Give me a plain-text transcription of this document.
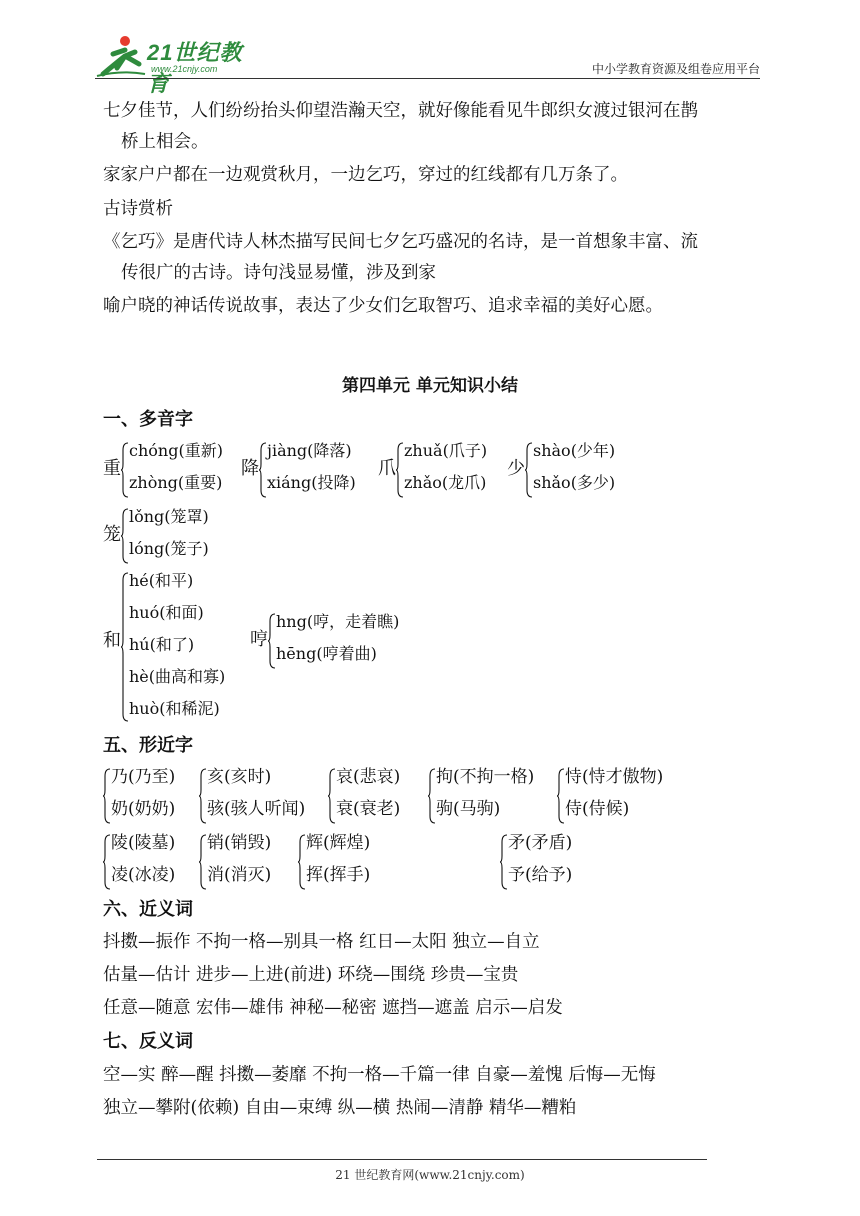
21世纪教育
www.21cnjy.com	中小学教育资源及组卷应用平台
七夕佳节，人们纷纷抬头仰望浩瀚天空，就好像能看见牛郎织女渡过银河在鹊
桥上相会。
家家户户都在一边观赏秋月，一边乞巧，穿过的红线都有几万条了。
古诗赏析
《乞巧》是唐代诗人林杰描写民间七夕乞巧盛况的名诗，是一首想象丰富、流
传很广的古诗。诗句浅显易懂，涉及到家
喻户晓的神话传说故事，表达了少女们乞取智巧、追求幸福的美好心愿。
第四单元 单元知识小结
一、多音字
重
chóng(重新)
zhòng(重要)
降
jiàng(降落)
xiáng(投降)
爪
zhuǎ(爪子)
zhǎo(龙爪)
少
shào(少年)
shǎo(多少)
笼
lǒng(笼罩)
lóng(笼子)
和
hé(和平)
huó(和面)
hú(和了)
hè(曲高和寡)
huò(和稀泥)
哼
hng(哼，走着瞧)
hēng(哼着曲)
五、形近字
乃(乃至)
奶(奶奶)
亥(亥时)
骇(骇人听闻)
哀(悲哀)
衰(衰老)
拘(不拘一格)
驹(马驹)
恃(恃才傲物)
侍(侍候)
陵(陵墓)
凌(冰凌)
销(销毁)
消(消灭)
辉(辉煌)
挥(挥手)
矛(矛盾)
予(给予)
六、近义词
抖擞—振作 不拘一格—别具一格 红日—太阳 独立—自立
估量—估计 进步—上进(前进) 环绕—围绕 珍贵—宝贵
任意—随意 宏伟—雄伟 神秘—秘密 遮挡—遮盖 启示—启发
七、反义词
空—实 醉—醒 抖擞—萎靡 不拘一格—千篇一律 自豪—羞愧 后悔—无悔
独立—攀附(依赖) 自由—束缚 纵—横 热闹—清静 精华—糟粕
21 世纪教育网(www.21cnjy.com)
